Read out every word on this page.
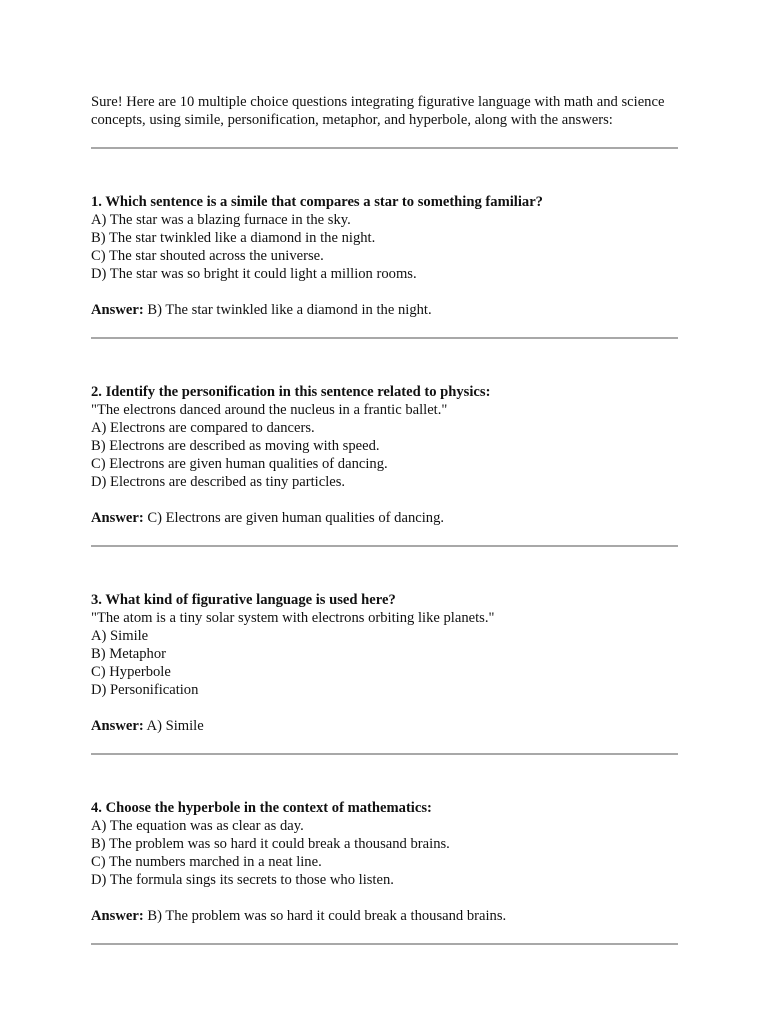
Sure! Here are 10 multiple choice questions integrating figurative language with math and science concepts, using simile, personification, metaphor, and hyperbole, along with the answers:

1. Which sentence is a simile that compares a star to something familiar?
A) The star was a blazing furnace in the sky.
B) The star twinkled like a diamond in the night.
C) The star shouted across the universe.
D) The star was so bright it could light a million rooms.
Answer: B) The star twinkled like a diamond in the night.
2. Identify the personification in this sentence related to physics:
"The electrons danced around the nucleus in a frantic ballet."
A) Electrons are compared to dancers.
B) Electrons are described as moving with speed.
C) Electrons are given human qualities of dancing.
D) Electrons are described as tiny particles.
Answer: C) Electrons are given human qualities of dancing.
3. What kind of figurative language is used here?
"The atom is a tiny solar system with electrons orbiting like planets."
A) Simile
B) Metaphor
C) Hyperbole
D) Personification
Answer: A) Simile
4. Choose the hyperbole in the context of mathematics:
A) The equation was as clear as day.
B) The problem was so hard it could break a thousand brains.
C) The numbers marched in a neat line.
D) The formula sings its secrets to those who listen.
Answer: B) The problem was so hard it could break a thousand brains.
